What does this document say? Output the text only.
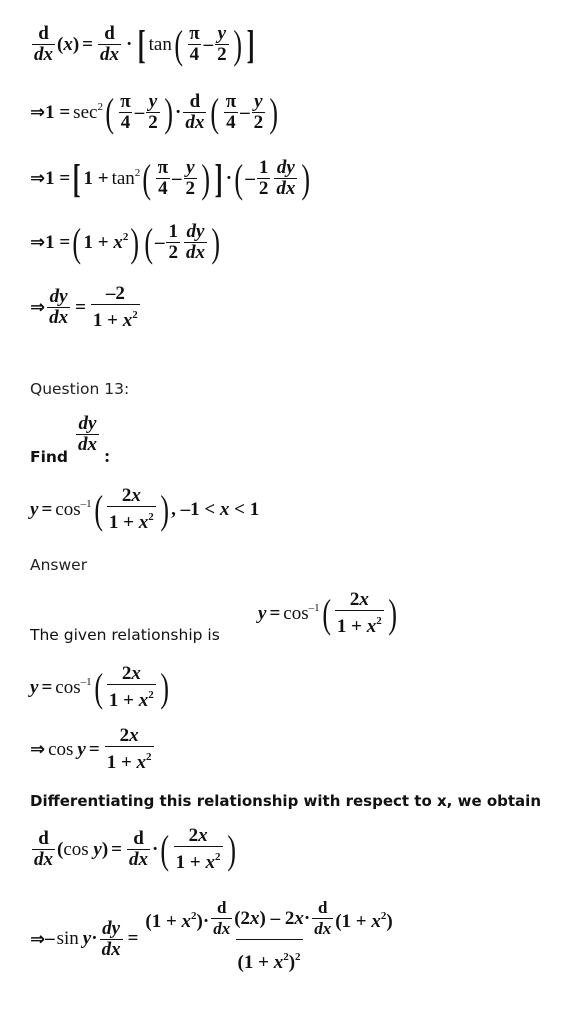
$\frac{d}{dx} (x) = \frac{d}{dx}$ · [ tan ( $\frac{\pi}{4} - \frac{y}{2}$ ) ]
⇒ $1 = \sec^2$ ( $\frac{\pi}{4} - \frac{y}{2}$ ) · $\frac{d}{dx}$ ( $\frac{\pi}{4} - \frac{y}{2}$ )
⇒ 1 = [ $1 + \tan^2$ ( $\frac{\pi}{4} - \frac{y}{2}$ ) ] · ( – $\frac{1}{2} \frac{dy}{dx}$ )
⇒ 1 = ( $1 + x^2$ ) ( – $\frac{1}{2} \frac{dy}{dx}$ )
⇒ $\frac{dy}{dx} = \frac{-2}{1 + x^2}$
Question 13:
$\frac{dy}{dx}$
Find :
$y = \cos^{-1}$ ( $\frac{2x}{1 + x^2}$ ) , –1 < x < 1
Answer
The given relationship is
$y = \cos^{-1}$ ( $\frac{2x}{1 + x^2}$ )
$y = \cos^{-1}$ ( $\frac{2x}{1 + x^2}$ )
⇒ $\cos y = \frac{2x}{1 + x^2}$
Differentiating this relationship with respect to x, we obtain
$\frac{d}{dx} (\cos$ $y) = \frac{d}{dx}$ · ( $\frac{2x}{1 + x^2}$ )
⇒ – $\sin y \cdot \frac{dy}{dx}$ =
$(1 + x^2)\cdot \frac{d}{dx} (2x) - 2x\cdot \frac{d}{dx} (1 + x^2)$
$(1 + x^2)^2$
